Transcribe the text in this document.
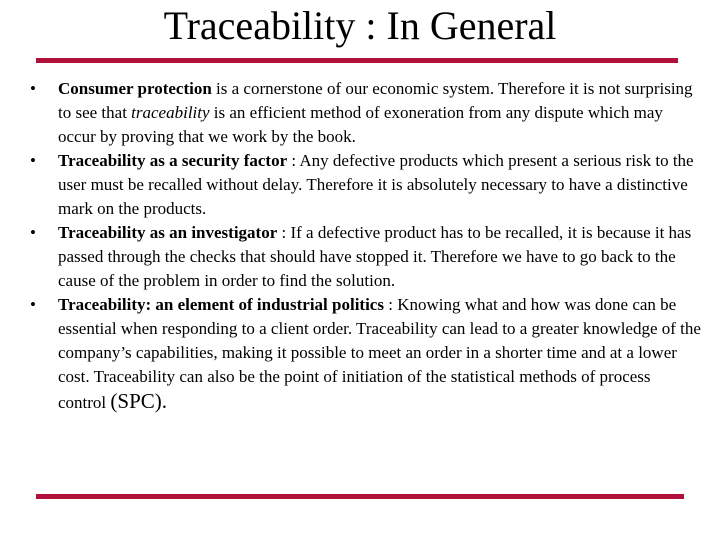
Traceability : In General
•	Consumer protection is a cornerstone of our economic system. Therefore it is not surprising to see that traceability is an efficient method of exoneration from any dispute which may occur by proving that we work by the book.
•	Traceability as a security factor : Any defective products which present a serious risk to the user must be recalled without delay. Therefore it is absolutely necessary to have a distinctive mark on the products.
•	Traceability as an investigator : If a defective product has to be recalled, it is because it has passed through the checks that should have stopped it. Therefore we have to go back to the cause of the problem in order to find the solution.
•	Traceability: an element of industrial politics : Knowing what and how was done can be essential when responding to a client order. Traceability can lead to a greater knowledge of the company’s capabilities, making it possible to meet an order in a shorter time and at a lower cost. Traceability can also be the point of initiation of the statistical methods of process control (SPC).
